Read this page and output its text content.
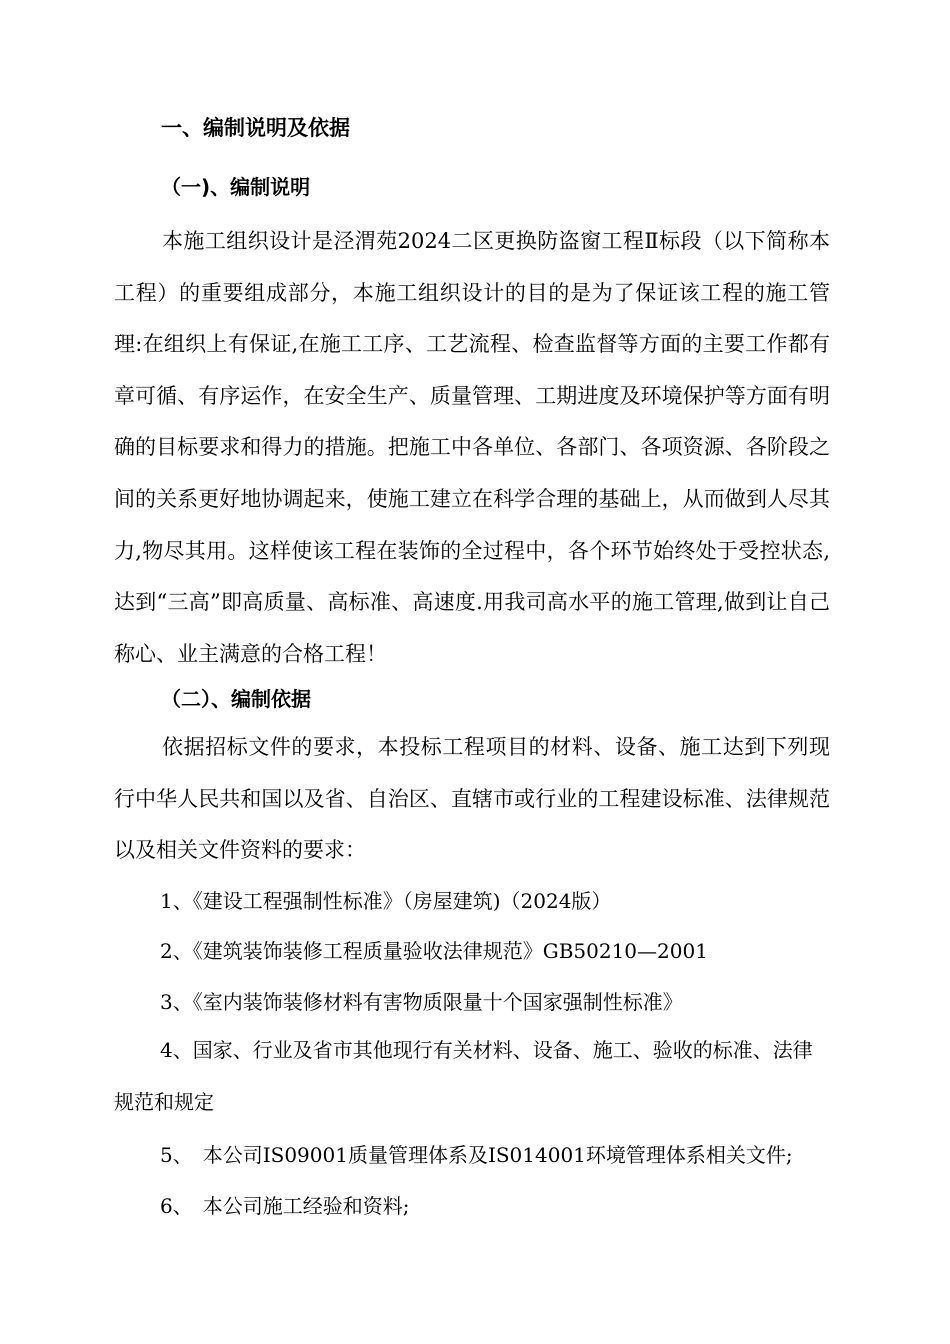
一、编制说明及依据
（一)、编制说明
本施工组织设计是泾渭苑2024二区更换防盗窗工程Ⅱ标段（以下简称本工程）的重要组成部分，本施工组织设计的目的是为了保证该工程的施工管理:在组织上有保证,在施工工序、工艺流程、检查监督等方面的主要工作都有章可循、有序运作，在安全生产、质量管理、工期进度及环境保护等方面有明确的目标要求和得力的措施。把施工中各单位、各部门、各项资源、各阶段之间的关系更好地协调起来，使施工建立在科学合理的基础上，从而做到人尽其力,物尽其用。这样使该工程在装饰的全过程中，各个环节始终处于受控状态,达到“三高”即高质量、高标准、高速度.用我司高水平的施工管理,做到让自己称心、业主满意的合格工程！
（二）、编制依据
依据招标文件的要求，本投标工程项目的材料、设备、施工达到下列现行中华人民共和国以及省、自治区、直辖市或行业的工程建设标准、法律规范以及相关文件资料的要求：
1、《建设工程强制性标准》（房屋建筑)（2024版）
2、《建筑装饰装修工程质量验收法律规范》GB50210—2001
3、《室内装饰装修材料有害物质限量十个国家强制性标准》
4、国家、行业及省市其他现行有关材料、设备、施工、验收的标准、法律规范和规定
5、　本公司IS09001质量管理体系及IS014001环境管理体系相关文件;
6、　本公司施工经验和资料;
